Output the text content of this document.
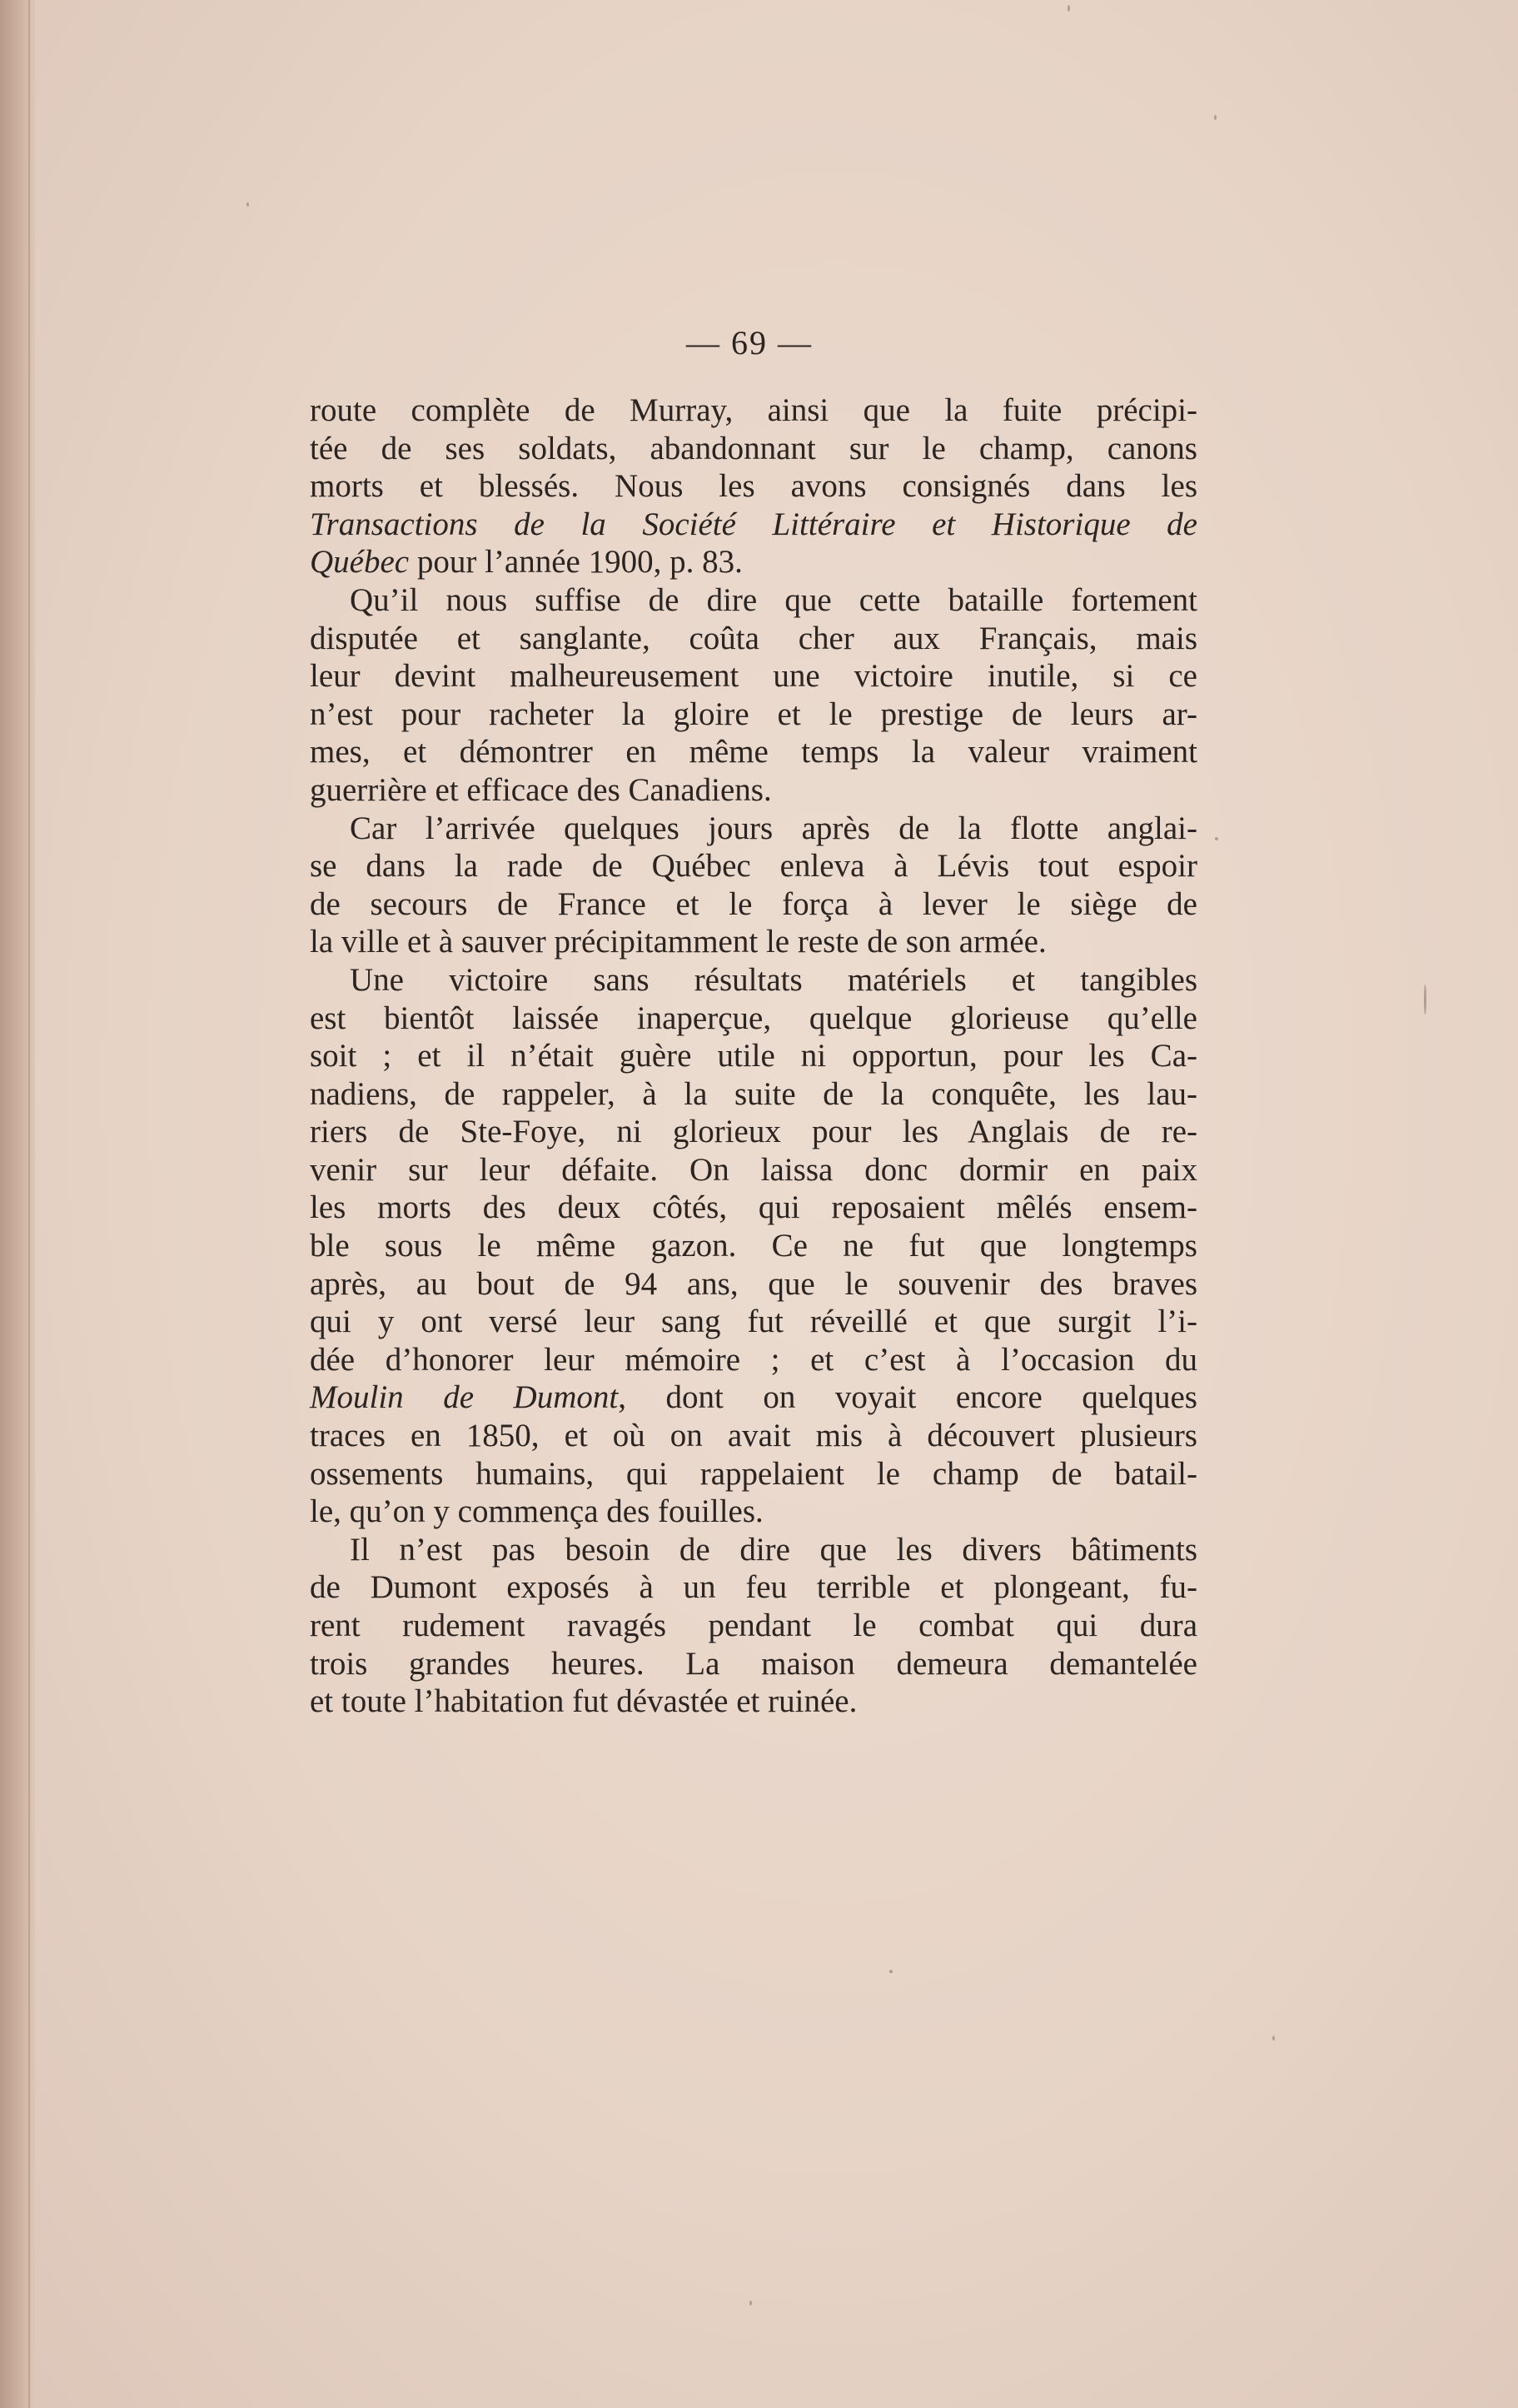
— 69 —
route complète de Murray, ainsi que la fuite précipi-
tée de ses soldats, abandonnant sur le champ, canons
morts et blessés. Nous les avons consignés dans les
Transactions de la Société Littéraire et Historique de
Québec pour l’année 1900, p. 83.
Qu’il nous suffise de dire que cette bataille fortement
disputée et sanglante, coûta cher aux Français, mais
leur devint malheureusement une victoire inutile, si ce
n’est pour racheter la gloire et le prestige de leurs ar-
mes, et démontrer en même temps la valeur vraiment
guerrière et efficace des Canadiens.
Car l’arrivée quelques jours après de la flotte anglai-
se dans la rade de Québec enleva à Lévis tout espoir
de secours de France et le força à lever le siège de
la ville et à sauver précipitamment le reste de son armée.
Une victoire sans résultats matériels et tangibles
est bientôt laissée inaperçue, quelque glorieuse qu’elle
soit ; et il n’était guère utile ni opportun, pour les Ca-
nadiens, de rappeler, à la suite de la conquête, les lau-
riers de Ste-Foye, ni glorieux pour les Anglais de re-
venir sur leur défaite. On laissa donc dormir en paix
les morts des deux côtés, qui reposaient mêlés ensem-
ble sous le même gazon. Ce ne fut que longtemps
après, au bout de 94 ans, que le souvenir des braves
qui y ont versé leur sang fut réveillé et que surgit l’i-
dée d’honorer leur mémoire ; et c’est à l’occasion du
Moulin de Dumont, dont on voyait encore quelques
traces en 1850, et où on avait mis à découvert plusieurs
ossements humains, qui rappelaient le champ de batail-
le, qu’on y commença des fouilles.
Il n’est pas besoin de dire que les divers bâtiments
de Dumont exposés à un feu terrible et plongeant, fu-
rent rudement ravagés pendant le combat qui dura
trois grandes heures. La maison demeura demantelée
et toute l’habitation fut dévastée et ruinée.
